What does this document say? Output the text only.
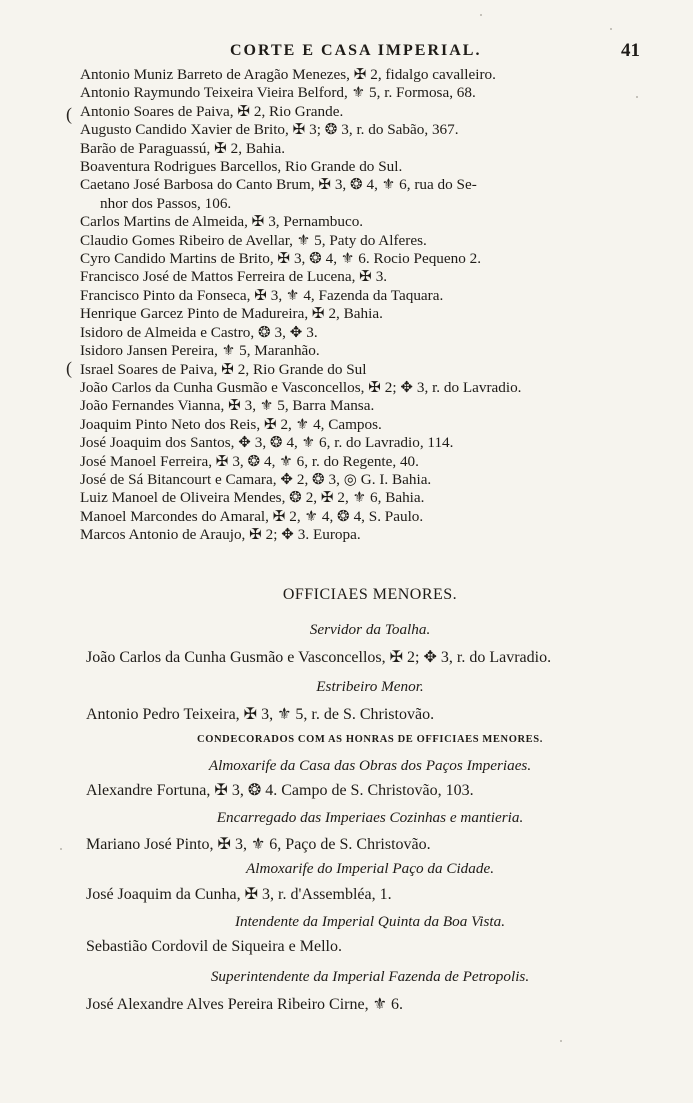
CORTE E CASA IMPERIAL.	41
Antonio Muniz Barreto de Aragão Menezes, ✠ 2, fidalgo cavalleiro.
Antonio Raymundo Teixeira Vieira Belford, ⚜ 5, r. Formosa, 68.
Antonio Soares de Paiva, ✠ 2, Rio Grande.
Augusto Candido Xavier de Brito, ✠ 3; ❂ 3, r. do Sabão, 367.
Barão de Paraguassú, ✠ 2, Bahia.
Boaventura Rodrigues Barcellos, Rio Grande do Sul.
Caetano José Barbosa do Canto Brum, ✠ 3, ❂ 4, ⚜ 6, rua do Se-
nhor dos Passos, 106.
Carlos Martins de Almeida, ✠ 3, Pernambuco.
Claudio Gomes Ribeiro de Avellar, ⚜ 5, Paty do Alferes.
Cyro Candido Martins de Brito, ✠ 3, ❂ 4, ⚜ 6. Rocio Pequeno 2.
Francisco José de Mattos Ferreira de Lucena, ✠ 3.
Francisco Pinto da Fonseca, ✠ 3, ⚜ 4, Fazenda da Taquara.
Henrique Garcez Pinto de Madureira, ✠ 2, Bahia.
Isidoro de Almeida e Castro, ❂ 3, ✥ 3.
Isidoro Jansen Pereira, ⚜ 5, Maranhão.
Israel Soares de Paiva, ✠ 2, Rio Grande do Sul
João Carlos da Cunha Gusmão e Vasconcellos, ✠ 2; ✥ 3, r. do Lavradio.
João Fernandes Vianna, ✠ 3, ⚜ 5, Barra Mansa.
Joaquim Pinto Neto dos Reis, ✠ 2, ⚜ 4, Campos.
José Joaquim dos Santos, ✥ 3, ❂ 4, ⚜ 6, r. do Lavradio, 114.
José Manoel Ferreira, ✠ 3, ❂ 4, ⚜ 6, r. do Regente, 40.
José de Sá Bitancourt e Camara, ✥ 2, ❂ 3, ◎ G. I. Bahia.
Luiz Manoel de Oliveira Mendes, ❂ 2, ✠ 2, ⚜ 6, Bahia.
Manoel Marcondes do Amaral, ✠ 2, ⚜ 4, ❂ 4, S. Paulo.
Marcos Antonio de Araujo, ✠ 2; ✥ 3. Europa.
OFFICIAES MENORES.
Servidor da Toalha.
João Carlos da Cunha Gusmão e Vasconcellos, ✠ 2; ✥ 3, r. do Lavradio.
Estribeiro Menor.
Antonio Pedro Teixeira, ✠ 3, ⚜ 5, r. de S. Christovão.
CONDECORADOS COM AS HONRAS DE OFFICIAES MENORES.
Almoxarife da Casa das Obras dos Paços Imperiaes.
Alexandre Fortuna, ✠ 3, ❂ 4. Campo de S. Christovão, 103.
Encarregado das Imperiaes Cozinhas e mantieria.
Mariano José Pinto, ✠ 3, ⚜ 6, Paço de S. Christovão.
Almoxarife do Imperial Paço da Cidade.
José Joaquim da Cunha, ✠ 3, r. d'Assembléa, 1.
Intendente da Imperial Quinta da Boa Vista.
Sebastião Cordovil de Siqueira e Mello.
Superintendente da Imperial Fazenda de Petropolis.
José Alexandre Alves Pereira Ribeiro Cirne, ⚜ 6.
(
(
